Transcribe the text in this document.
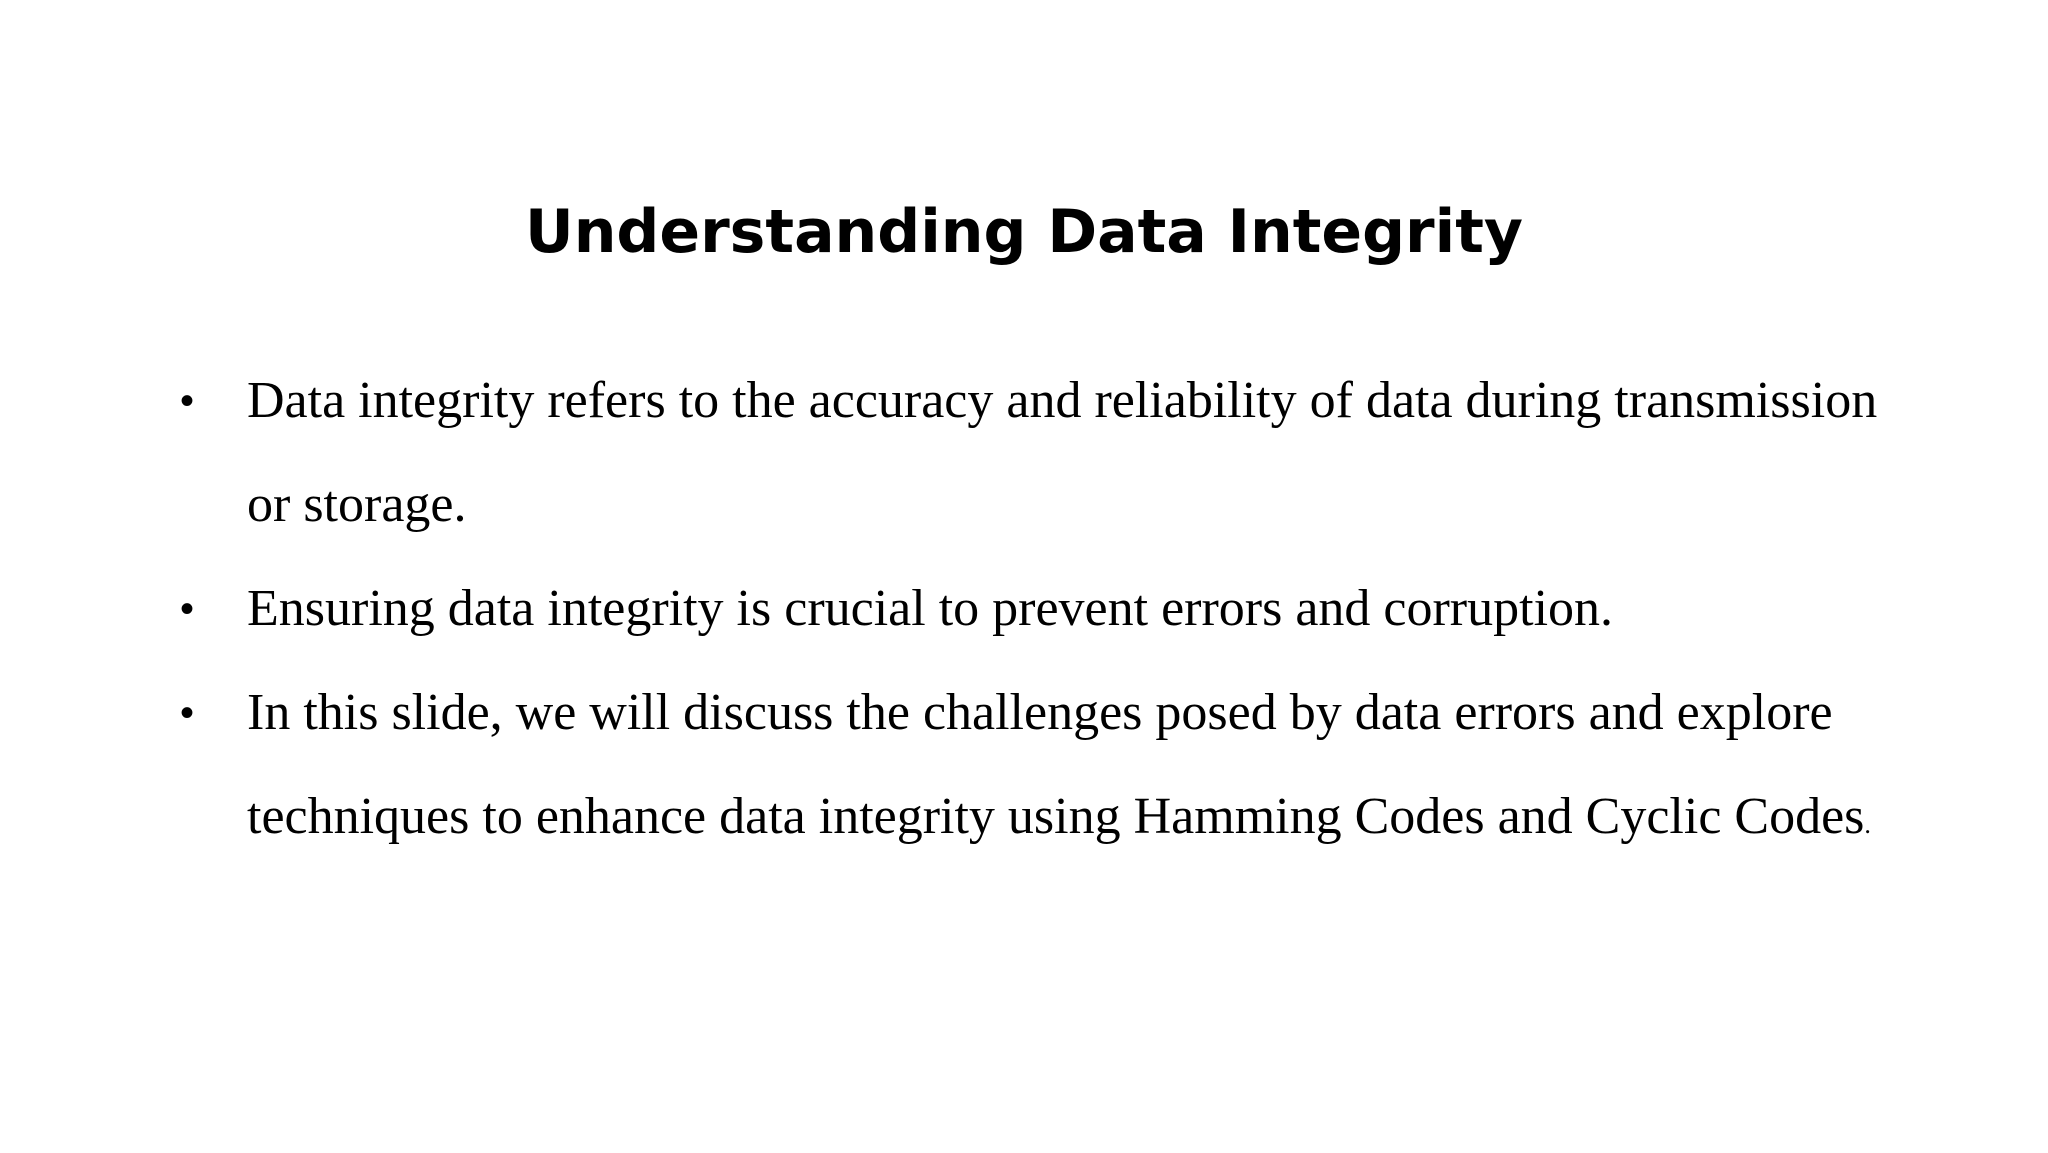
Understanding Data Integrity
• Data integrity refers to the accuracy and reliability of data during transmission or storage.
• Ensuring data integrity is crucial to prevent errors and corruption.
• In this slide, we will discuss the challenges posed by data errors and explore techniques to enhance data integrity using Hamming Codes and Cyclic Codes.
